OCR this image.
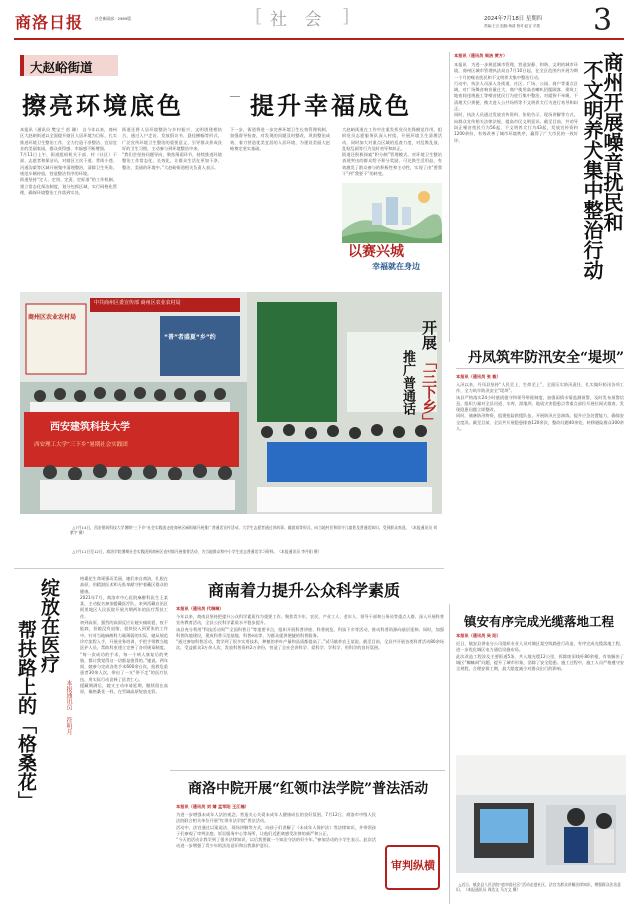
商洛日报	社会新闻部 · 2989版	[ 社 会 ]	2024年7月18日 星期四
责编:王言 组版:杨清 校对:赵言 平措	3
大赵峪街道
擦亮环境底色	提升幸福成色
本报讯（通讯员 樊宝兰 彭 珊）　自今年以来，商州区大赵峪街道以全面提升辖区人居环境为目标，扎实推进环境卫生整治工作，全力打造干净整洁、宜居宜业的美丽家园，群众获得感、幸福感不断增强。
7月11日上午，街道组织机关干部、村（社区）干部、志愿者和保洁员，对辖区主次干道、背街小巷、河道沟渠等区域开展集中清理整治，清除卫生死角，规范车辆停放，营造整洁有序的环境。
街道坚持“定人、定岗、定责、定标准”的工作机制，建立常态化保洁制度，划分包抓区域，实行网格化管理，确保环境整治工作落到实处。
街道还将人居环境整治与乡村振兴、文明创建相结合，通过入户走访、发放倡议书、悬挂横幅等形式，广泛宣传环境卫生整治的重要意义，引导群众养成良好的卫生习惯，主动参与到环境整治中来。
“我们会坚持问题导向，聚焦薄弱环节，持续推进环境整治工作常态化、长效化，让群众生活在更加干净、整洁、美丽的环境中。”大赵峪街道相关负责人表示。
下一步，街道将进一步完善环境卫生长效管理机制，加强督导检查，对发现的问题及时整改，巩固整治成效，着力营造优美宜居的人居环境，为建设美丽大赵峪奠定坚实基础。
大赵峪街道在工作中注重发挥党员先锋模范作用，组织党员志愿服务队深入村组，开展环境卫生清理活动，同时加大对重点区域的巡查力度，对乱堆乱放、乱贴乱画等行为及时劝导和纠正。
街道还积极探索“积分制”管理模式，对环境卫生整治表现突出的群众给予积分奖励，可兑换生活用品，有效激发了群众参与的积极性和主动性，实现了由“要我干”到“我要干”的转变。
以赛兴城
幸福就在身边
本报讯（通讯员 周洁 贾方）
本报讯　为进一步规范城市管理，营造安静、和谐、文明的城市环境，商州区城市管理执法局自7月10日起，在全区范围内开展为期一个月的噪音扰民和不文明养犬集中整治行动。
行动中，执法人员深入各街道、社区、广场、公园、商户等重点区域，对广场舞音响音量过大、商户使用高音喇叭招揽顾客、建筑工地夜间违规施工等噪音扰民行为进行集中整治，对遛狗不牵绳、不清理犬只粪便、携犬进入公共场所等不文明养犬行为进行劝导和纠正。
同时，执法人员通过发放宣传资料、张贴告示、现场讲解等方式，向群众宣传相关法律法规，提高市民文明意识。截至目前，共劝导纠正噪音扰民行为56起，不文明养犬行为43起，发放宣传资料1200余份，有效改善了城市环境秩序，赢得了广大市民的一致好评。	商州开展噪音扰民和
不文明养犬集中整治行动
中共商州区委宣传部 商州区农业农村局
商州区农业农村局
“普”者盛夏“乡”约
西安建筑科技大学
西安理工大学“三下乡”暑期社会实践团
开展
「三下乡」
推广普通话

△7月14日，西安建筑科技大学暑期“三下乡”社会实践团走进商州区麻街镇开展推广普通话宣传活动。大学生志愿者通过讲故事、做游戏等形式，向当地村民和留守儿童普及普通话知识，受到群众欢迎。（本报通讯员 刘紫宇 摄）

△7月11日至12日，商洛学院暑期社会实践团到商州区夜村镇开展推普活动，为当地群众和中小学生送去普通话学习资料。（本报通讯员 李丹阳 摄）

丹凤筑牢防汛安全“堤坝”
本报讯（通讯员 张 毅）
入汛以来，丹凤县坚持“人民至上、生命至上”，全面压实防汛责任，扎实做好防汛各项工作，全力筑牢防汛安全“堤坝”。
该县严格落实24小时值班值守和领导带班制度，加强雨情水情监测预警，及时发布预警信息。组织力量对全县河道、水库、淤地坝、地质灾害隐患点等重点部位开展拉网式排查，发现隐患问题立即整改。
同时，储备防汛物资，组建抢险救援队伍，开展防汛应急演练，提升应急处置能力，确保安全度汛。截至目前，全县共开展隐患排查120余次，整改问题40余处，转移避险群众300余人。
绽放在医疗
帮扶路上的「格桑花」	本报通讯员 符明月
格桑花生命顽强而美丽，她们来自商洛，扎根在高原，用精湛医术和无私奉献守护着藏区群众的健康。
2021年7月，商洛市中心医院麻醉科医生王某某，主动报名参加援藏医疗队，来到西藏自治区阿里地区人民医院开展为期两年的医疗帮扶工作。
初到高原，强烈的高原反应让她头痛欲裂、夜不能寐，但她没有退缩，很快投入到紧张的工作中。针对当地麻醉科力量薄弱的实际，她从规范诊疗流程入手，开展业务培训，手把手带教当地医护人员，帮助科室建立完善了各项规章制度。
“每一次成功的手术，每一个病人康复后的笑脸，都让我觉得这一切都是值得的。”她说。两年间，她参与完成各类手术600余台次，抢救危重患者30余人次，带出了一支“带不走”的医疗队伍，用实际行动诠释了医者仁心。
援藏期满后，她又主动申请延期，继续留在高原，像格桑花一样，在雪域高原绽放光彩。
商南着力提升公众科学素质
本报讯（通讯员 代瑞琳）
今年以来，商南县坚持把提升公众科学素质作为重要工作，聚焦青少年、农民、产业工人、老年人、领导干部和公务员等重点人群，深入开展科普宣传教育活动，全县公民科学素质水平稳步提升。
该县充分利用“科技活动周”“全国科普日”等重要节点，组织开展科普讲座、科普展览、科技下乡等活动，推动科普资源向基层延伸。同时，加强科普阵地建设，建成科普示范基地、科普e站等，为群众提供便捷的科普服务。
“通过参加科普活动，我学到了很多实用技术，种植的茶叶产量和品质都提高了。”试马镇茶农王某说。截至目前，全县共开展各类科普活动80余场次，受益群众3万余人次，发放科普资料2万余份，营造了全社会讲科学、爱科学、学科学、用科学的良好氛围。
商洛中院开展“红领巾法学院”普法活动
本报讯（通讯员 刘 婧 孟军阳 王江楠）
为进一步增强未成年人法治观念，营造关心关爱未成年人健康成长的良好氛围，7月12日，商洛市中级人民法院联合相关单位开展“红领巾法学院”普法活动。
活动中，法官通过以案说法、现场讲解等方式，向孩子们讲解了《未成年人保护法》等法律知识，并带领孩子们参观了审判法庭、诉讼服务中心等场所，让他们近距离感受法律的威严和公正。
“今天的活动让我学到了很多法律知识，以后我要做一个知法守法的好少年。”参加活动的小学生表示。此次活动进一步增强了青少年的法治意识和自我保护意识。
审判纵横
镇安有序完成光缆落地工程
本报讯（通讯员 吴 阳）
近日，镇安县供电分公司组织专业人员对城区架空线路进行改造，有序完成光缆落地工程，进一步优化城区电力通信设施布局。
此次改造工程涉及主要街道5条，共入地光缆12公里，拆除废旧线杆80余根，有效解决了城区“蜘蛛网”问题，提升了城市形象，消除了安全隐患。施工过程中，施工人员严格遵守安全规程，合理安排工期，最大限度减少对群众出行的影响。

△近日，镇安县人民法院“庭审进社区”活动走进社区，法官为群众讲解法律知识，增强群众法治意识。（本报通讯员 周浩文 马万文 摄）
